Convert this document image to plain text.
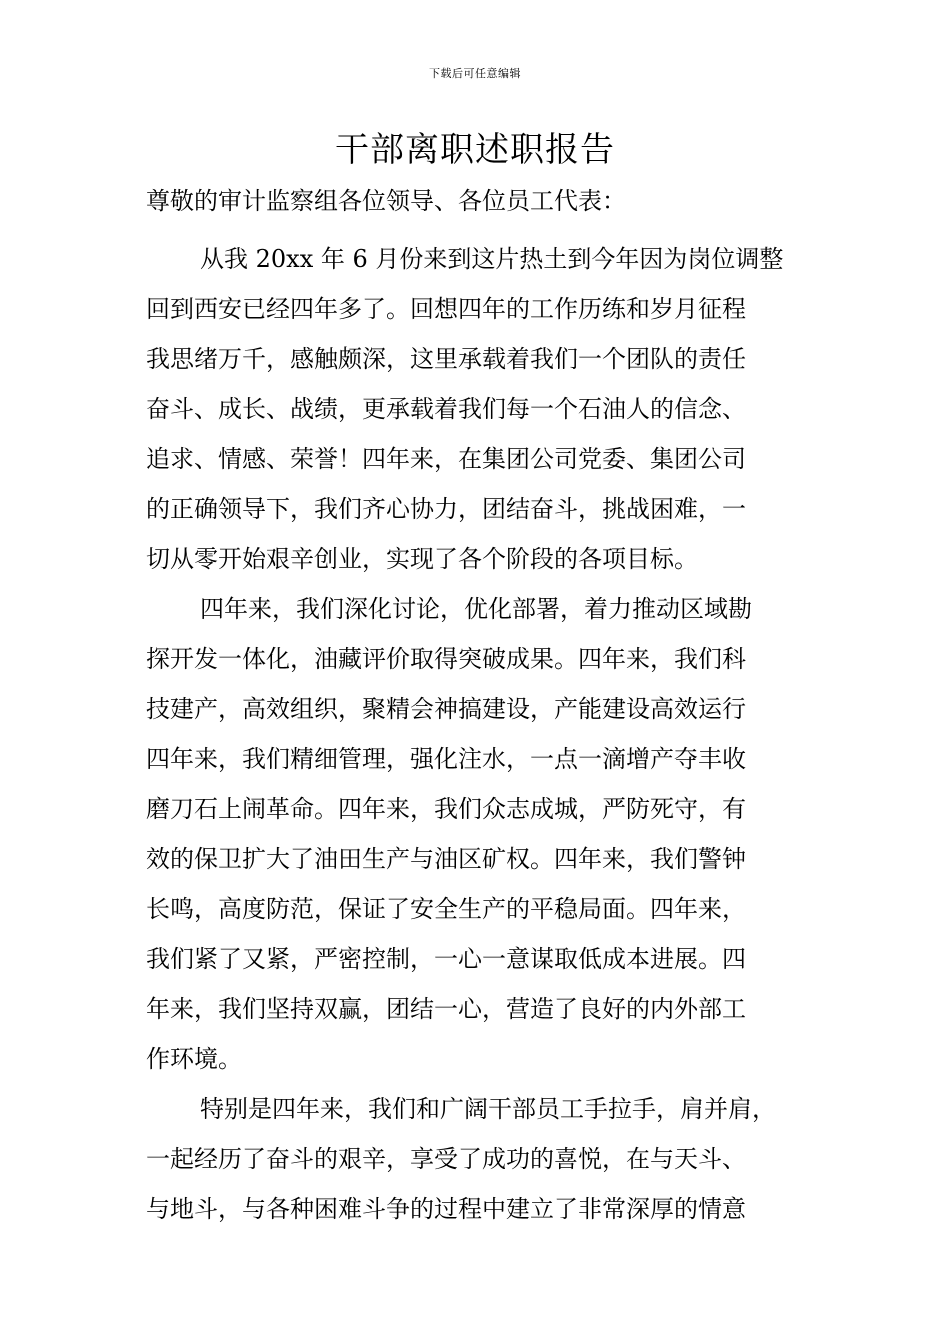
下载后可任意编辑
干部离职述职报告

尊敬的审计监察组各位领导、各位员工代表：

从我 20xx 年 6 月份来到这片热土到今年因为岗位调整
回到西安已经四年多了。回想四年的工作历练和岁月征程
我思绪万千，感触颇深，这里承载着我们一个团队的责任
奋斗、成长、战绩，更承载着我们每一个石油人的信念、
追求、情感、荣誉！四年来，在集团公司党委、集团公司
的正确领导下，我们齐心协力，团结奋斗，挑战困难，一
切从零开始艰辛创业，实现了各个阶段的各项目标。
四年来，我们深化讨论，优化部署，着力推动区域勘
探开发一体化，油藏评价取得突破成果。四年来，我们科
技建产，高效组织，聚精会神搞建设，产能建设高效运行
四年来，我们精细管理，强化注水，一点一滴增产夺丰收
磨刀石上闹革命。四年来，我们众志成城，严防死守，有
效的保卫扩大了油田生产与油区矿权。四年来，我们警钟
长鸣，高度防范，保证了安全生产的平稳局面。四年来，
我们紧了又紧，严密控制，一心一意谋取低成本进展。四
年来，我们坚持双赢，团结一心，营造了良好的内外部工
作环境。
特别是四年来，我们和广阔干部员工手拉手，肩并肩，
一起经历了奋斗的艰辛，享受了成功的喜悦，在与天斗、
与地斗，与各种困难斗争的过程中建立了非常深厚的情意
